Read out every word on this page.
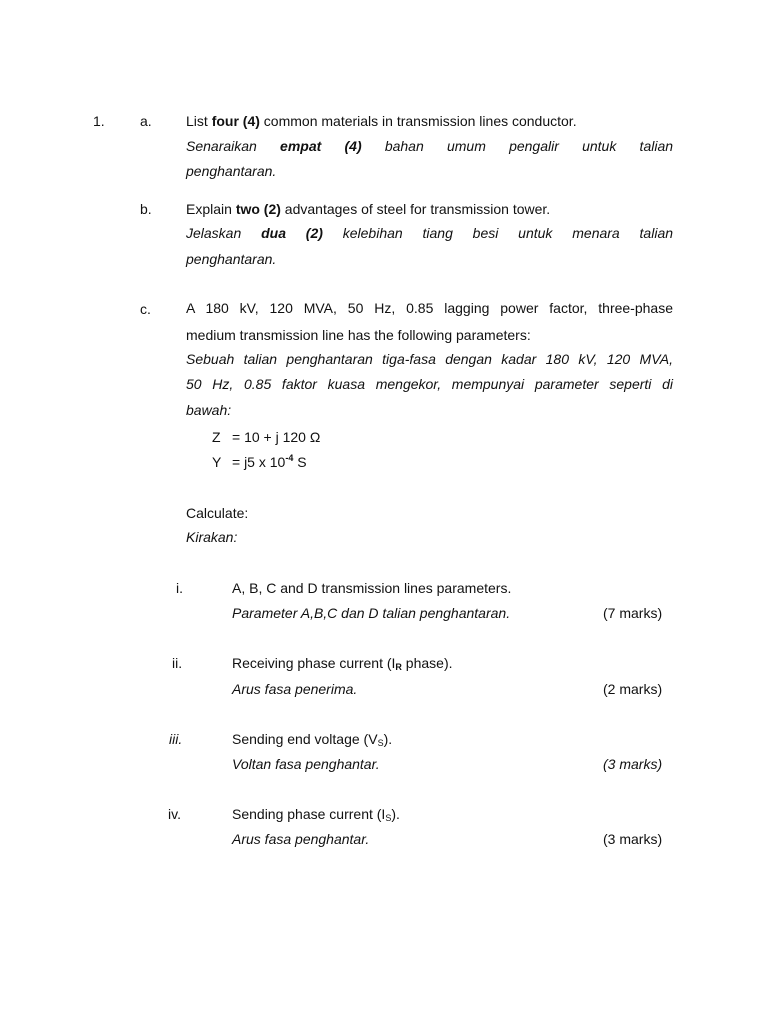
1.	a. List four (4) common materials in transmission lines conductor.
Senaraikan empat (4) bahan umum pengalir untuk talian
penghantaran.
b. Explain two (2) advantages of steel for transmission tower.
Jelaskan dua (2) kelebihan tiang besi untuk menara talian
penghantaran.
c.	A 180 kV, 120 MVA, 50 Hz, 0.85 lagging power factor, three-phase
medium transmission line has the following parameters:
Sebuah talian penghantaran tiga-fasa dengan kadar 180 kV, 120 MVA,
50 Hz, 0.85 faktor kuasa mengekor, mempunyai parameter seperti di
bawah:
Z = 10 + j 120 Ω
Y = j5 x $10^{-4}$ S
Calculate:
Kirakan:
i.	A, B, C and D transmission lines parameters.
Parameter A,B,C dan D talian penghantaran.	(7 marks)
ii.	Receiving phase current ($I_R$ phase).
Arus fasa penerima.	(2 marks)
iii.	Sending end voltage $(V_S)$.
Voltan fasa penghantar.	(3 marks)
iv.	Sending phase current $(I_S)$.
Arus fasa penghantar.	(3 marks)
